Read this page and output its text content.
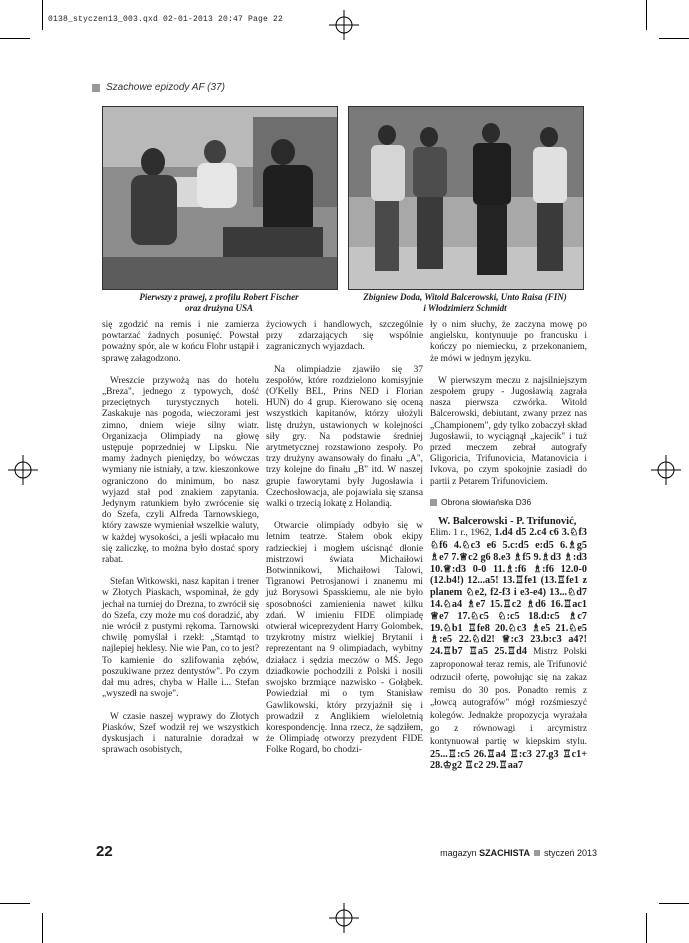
0138_styczen13_003.qxd 02-01-2013 20:47 Page 22
Szachowe epizody AF (37)
Pierwszy z prawej, z profilu Robert Fischer
oraz drużyna USA
Zbigniew Doda, Witold Balcerowski, Unto Raisa (FIN)
i Włodzimierz Schmidt

się zgodzić na remis i nie zamierza powtarzać żadnych posunięć. Powstał poważny spór, ale w końcu Flohr ustąpił i sprawę załagodzono.

Wreszcie przywożą nas do hotelu „Breza", jednego z typowych, dość przeciętnych turystycznych hoteli. Zaskakuje nas pogoda, wieczorami jest zimno, dniem wieje silny wiatr. Organizacja Olimpiady na głowę ustępuje poprzedniej w Lipsku. Nie mamy żadnych pieniędzy, bo wówczas wymiany nie istniały, a tzw. kieszonkowe ograniczono do minimum, bo nasz wyjazd stał pod znakiem zapytania. Jedynym ratunkiem było zwrócenie się do Szefa, czyli Alfreda Tarnowskiego, który zawsze wymieniał wszelkie waluty, w każdej wysokości, a jeśli wpłacało mu się zaliczkę, to można było dostać spory rabat.

Stefan Witkowski, nasz kapitan i trener w Złotych Piaskach, wspominał, że gdy jechał na turniej do Drezna, to zwrócił się do Szefa, czy może mu coś doradzić, aby nie wrócił z pustymi rękoma. Tarnowski chwilę pomyślał i rzekł: „Stamtąd to najlepiej heklesy. Nie wie Pan, co to jest? To kamienie do szlifowania zębów, poszukiwane przez dentystów". Po czym dał mu adres, chyba w Halle i... Stefan „wyszedł na swoje".

W czasie naszej wyprawy do Złotych Piasków, Szef wodził rej we wszystkich dyskusjach i naturalnie doradzał w sprawach osobistych,

życiowych i handlowych, szczególnie przy zdarzających się wspólnie zagranicznych wyjazdach.

Na olimpiadzie zjawiło się 37 zespołów, które rozdzielono komisyjnie (O'Kelly BEL, Prins NED i Florian HUN) do 4 grup. Kierowano się oceną wszystkich kapitanów, którzy ułożyli listę drużyn, ustawionych w kolejności siły gry. Na podstawie średniej arytmetycznej rozstawiono zespoły. Po trzy drużyny awansowały do finału „A", trzy kolejne do finału „B" itd. W naszej grupie faworytami były Jugosławia i Czechosłowacja, ale pojawiała się szansa walki o trzecią lokatę z Holandią.

Otwarcie olimpiady odbyło się w letnim teatrze. Stałem obok ekipy radzieckiej i mogłem uścisnąć dłonie mistrzowi świata Michaiłowi Botwinnikowi, Michaiłowi Talowi, Tigranowi Petrosjanowi i znanemu mi już Borysowi Spasskiemu, ale nie było sposobności zamienienia nawet kilku zdań. W imieniu FIDE olimpiadę otwierał wiceprezydent Harry Golombek, trzykrotny mistrz wielkiej Brytanii i reprezentant na 9 olimpiadach, wybitny działacz i sędzia meczów o MŚ. Jego dziadkowie pochodzili z Polski i nosili swojsko brzmiące nazwisko - Gołąbek. Powiedział mi o tym Stanisław Gawlikowski, który przyjaźnił się i prowadził z Anglikiem wieloletnią korespondencję. Inna rzecz, że sądziłem, że Olimpiadę otworzy prezydent FIDE Folke Rogard, bo chodzi-

ły o nim słuchy, że zaczyna mowę po angielsku, kontynuuje po francusku i kończy po niemiecku, z przekonaniem, że mówi w jednym języku.

W pierwszym meczu z najsilniejszym zespołem grupy - Jugosławią zagrała nasza pierwsza czwórka. Witold Balcerowski, debiutant, zwany przez nas „Championem", gdy tylko zobaczył skład Jugosławii, to wyciągnął „kajecik" i tuż przed meczem zebrał autografy Gligoricia, Trifunovicia, Matanovicia i Ivkova, po czym spokojnie zasiadł do partii z Petarem Trifunoviciem.

Obrona słowiańska D36

W. Balcerowski - P. Trifunović,

Elim. 1 r., 1962, 1.d4 d5 2.c4 c6 3.♘f3 ♘f6 4.♘c3 e6 5.c:d5 e:d5 6.♗g5 ♗e7 7.♕c2 g6 8.e3 ♗f5 9.♗d3 ♗:d3 10.♕:d3 0-0 11.♗:f6 ♗:f6 12.0-0 (12.b4!) 12...a5! 13.♖fe1 (13.♖fe1 z planem ♘e2, f2-f3 i e3-e4) 13...♘d7 14.♘a4 ♗e7 15.♖c2 ♗d6 16.♖ac1 ♕e7 17.♘c5 ♘:c5 18.d:c5 ♗c7 19.♘b1 ♖fe8 20.♘c3 ♗e5 21.♘e5 ♗:e5 22.♘d2! ♕:c3 23.b:c3 a4?! 24.♖b7 ♖a5 25.♖d4 Mistrz Polski zaproponował teraz remis, ale Trifunović odrzucił ofertę, powołując się na zakaz remisu do 30 pos. Ponadto remis z „łowcą autografów" mógł rozśmieszyć kolegów. Jednakże propozycja wyrażała go z równowagi i arcymistrz kontynuował partię w kiepskim stylu. 25...♖:c5 26.♖a4 ♖:c3 27.g3 ♖c1+ 28.♔g2 ♖c2 29.♖aa7
22	magazyn SZACHISTA styczeń 2013
